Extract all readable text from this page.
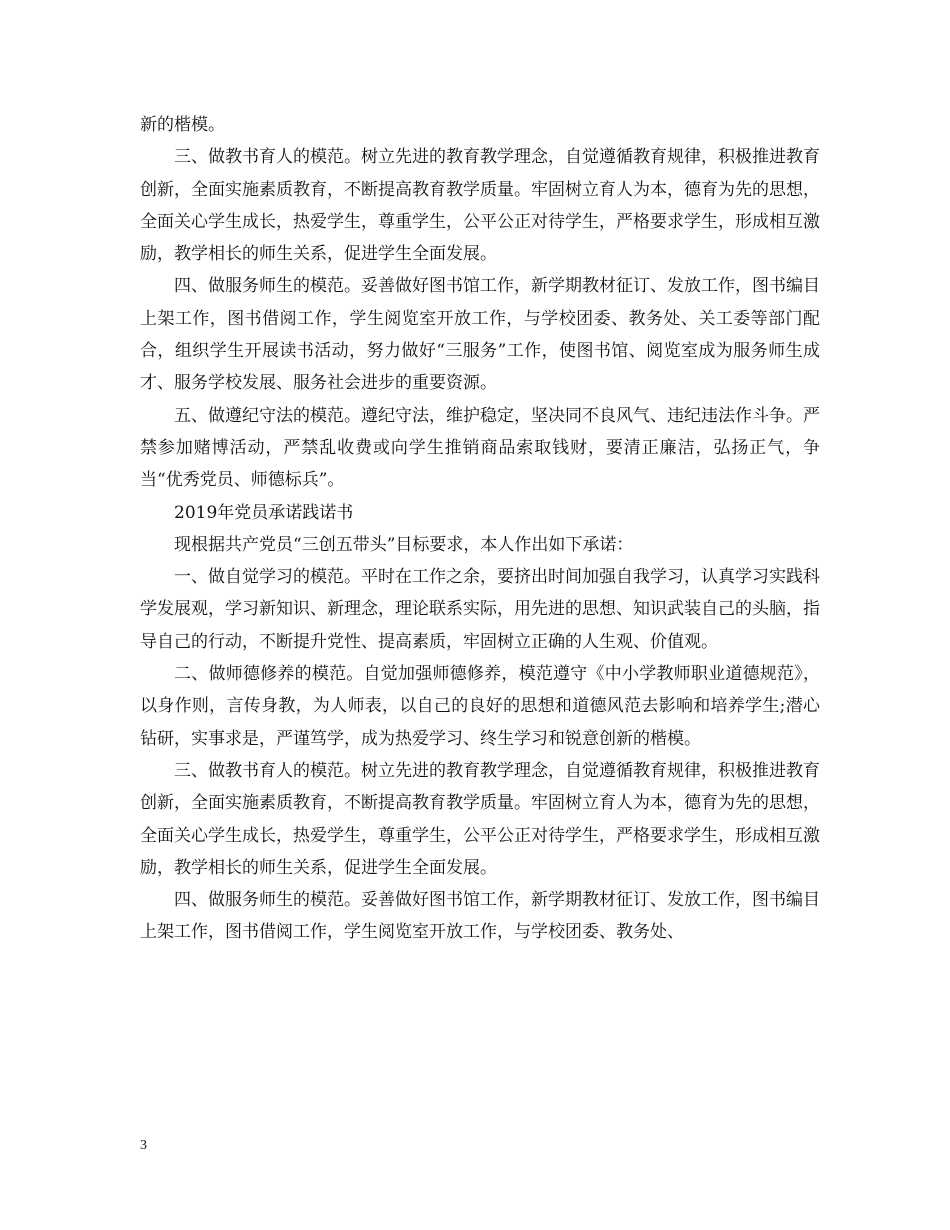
新的楷模。

三、做教书育人的模范。树立先进的教育教学理念，自觉遵循教育规律，积极推进教育创新，全面实施素质教育，不断提高教育教学质量。牢固树立育人为本，德育为先的思想，全面关心学生成长，热爱学生，尊重学生，公平公正对待学生，严格要求学生，形成相互激励，教学相长的师生关系，促进学生全面发展。

四、做服务师生的模范。妥善做好图书馆工作，新学期教材征订、发放工作，图书编目上架工作，图书借阅工作，学生阅览室开放工作，与学校团委、教务处、关工委等部门配合，组织学生开展读书活动，努力做好“三服务”工作，使图书馆、阅览室成为服务师生成才、服务学校发展、服务社会进步的重要资源。

五、做遵纪守法的模范。遵纪守法，维护稳定，坚决同不良风气、违纪违法作斗争。严禁参加赌博活动，严禁乱收费或向学生推销商品索取钱财，要清正廉洁，弘扬正气，争当“优秀党员、师德标兵”。

2019年党员承诺践诺书

现根据共产党员“三创五带头”目标要求，本人作出如下承诺：

一、做自觉学习的模范。平时在工作之余，要挤出时间加强自我学习，认真学习实践科学发展观，学习新知识、新理念，理论联系实际，用先进的思想、知识武装自己的头脑，指导自己的行动，不断提升党性、提高素质，牢固树立正确的人生观、价值观。

二、做师德修养的模范。自觉加强师德修养，模范遵守《中小学教师职业道德规范》，以身作则，言传身教，为人师表，以自己的良好的思想和道德风范去影响和培养学生;潜心钻研，实事求是，严谨笃学，成为热爱学习、终生学习和锐意创新的楷模。

三、做教书育人的模范。树立先进的教育教学理念，自觉遵循教育规律，积极推进教育创新，全面实施素质教育，不断提高教育教学质量。牢固树立育人为本，德育为先的思想，全面关心学生成长，热爱学生，尊重学生，公平公正对待学生，严格要求学生，形成相互激励，教学相长的师生关系，促进学生全面发展。

四、做服务师生的模范。妥善做好图书馆工作，新学期教材征订、发放工作，图书编目上架工作，图书借阅工作，学生阅览室开放工作，与学校团委、教务处、

3
